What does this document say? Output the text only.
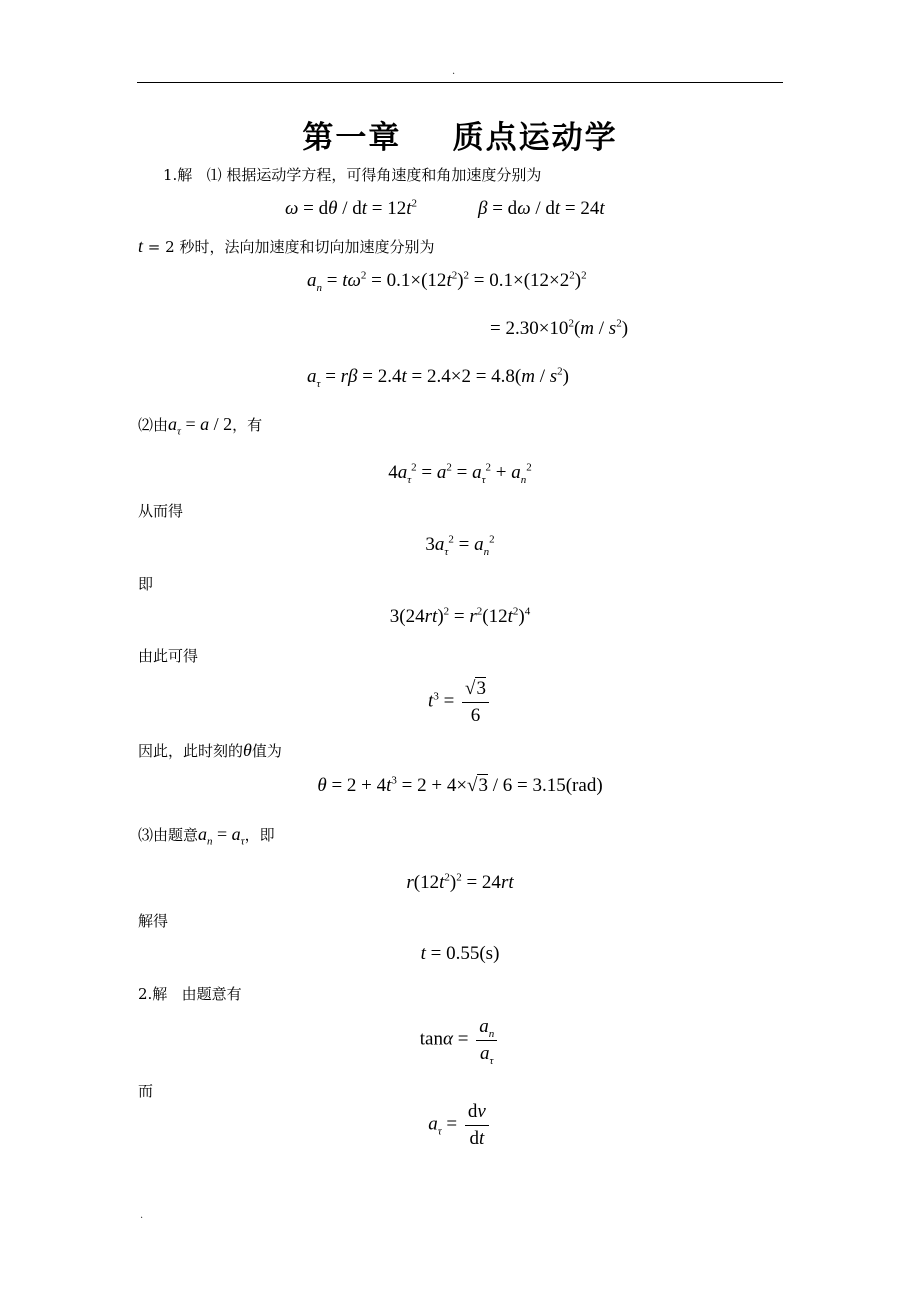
.
.
第一章    质点运动学
1.解 ⑴ 根据运动学方程，可得角速度和角加速度分别为
ω = dθ / dt = $12t^2$	β = dω / dt = 24t
t = 2 秒时，法向加速度和切向加速度分别为
$a_n = t\omega^2 = 0.1\times(12t^2)^2 = 0.1\times(12\times 2^2)^2$
= $2.30\times 10^2(m / s^2)$
$a_\tau = r\beta = 2.4t = 2.4\times 2 = 4.8(m / s^2)$
⑵由$a_\tau = a / 2$，有
$4a_\tau^2 = a^2 = a_\tau^2 + a_n^2$
从而得
$3a_\tau^2 = a_n^2$
即
$3(24rt)^2 = r^2(12t^2)^4$
由此可得
$t^3 = \frac{√3}{6}$
因此，此时刻的θ值为
$\theta = 2 + 4t^3 = 2 + 4\times√3 / 6 = 3.15(rad)$
⑶由题意$a_n = a_\tau$，即
$r(12t^2)^2 = 24rt$
解得
t = 0.55(s)
2.解 由题意有
$\tan\alpha = \frac{a_n}{a_\tau}$
而
$a_\tau = \frac{dv}{dt}$
